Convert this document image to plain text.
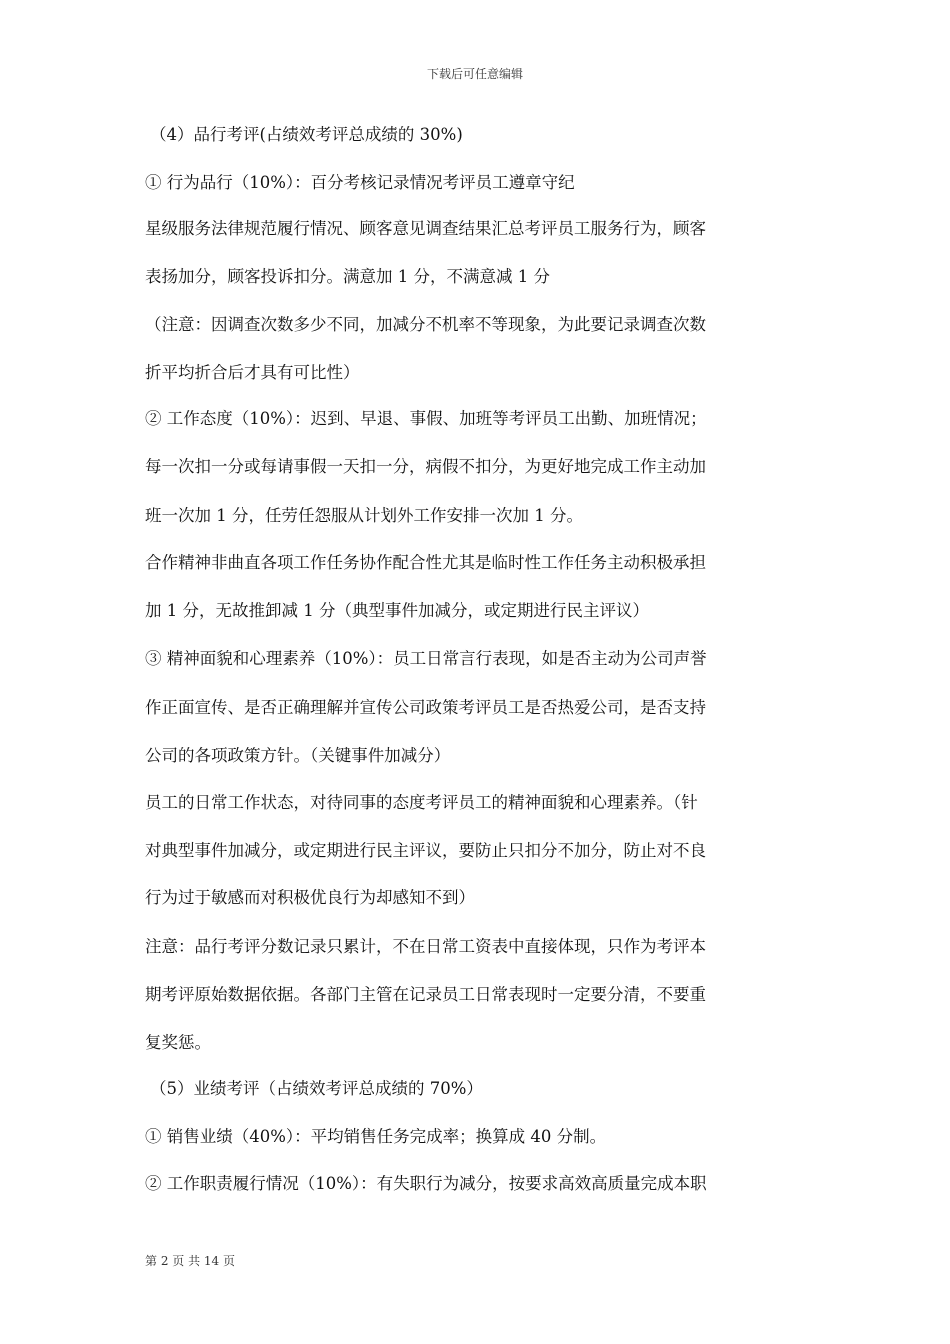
下载后可任意编辑
（4）品行考评(占绩效考评总成绩的 30%)
① 行为品行（10%）：百分考核记录情况考评员工遵章守纪
星级服务法律规范履行情况、顾客意见调查结果汇总考评员工服务行为，顾客
表扬加分，顾客投诉扣分。满意加 1 分，不满意减 1 分
（注意：因调查次数多少不同，加减分不机率不等现象，为此要记录调查次数
折平均折合后才具有可比性）
② 工作态度（10%）：迟到、早退、事假、加班等考评员工出勤、加班情况；
每一次扣一分或每请事假一天扣一分，病假不扣分，为更好地完成工作主动加
班一次加 1 分，任劳任怨服从计划外工作安排一次加 1 分。
合作精神非曲直各项工作任务协作配合性尤其是临时性工作任务主动积极承担
加 1 分，无故推卸减 1 分（典型事件加减分，或定期进行民主评议）
③ 精神面貌和心理素养（10%）：员工日常言行表现，如是否主动为公司声誉
作正面宣传、是否正确理解并宣传公司政策考评员工是否热爱公司，是否支持
公司的各项政策方针。（关键事件加减分）
员工的日常工作状态，对待同事的态度考评员工的精神面貌和心理素养。（针
对典型事件加减分，或定期进行民主评议，要防止只扣分不加分，防止对不良
行为过于敏感而对积极优良行为却感知不到）
注意：品行考评分数记录只累计，不在日常工资表中直接体现，只作为考评本
期考评原始数据依据。各部门主管在记录员工日常表现时一定要分清，不要重
复奖惩。
（5）业绩考评（占绩效考评总成绩的 70%）
① 销售业绩（40%）：平均销售任务完成率；换算成 40 分制。
② 工作职责履行情况（10%）：有失职行为减分，按要求高效高质量完成本职
第 2 页 共 14 页
